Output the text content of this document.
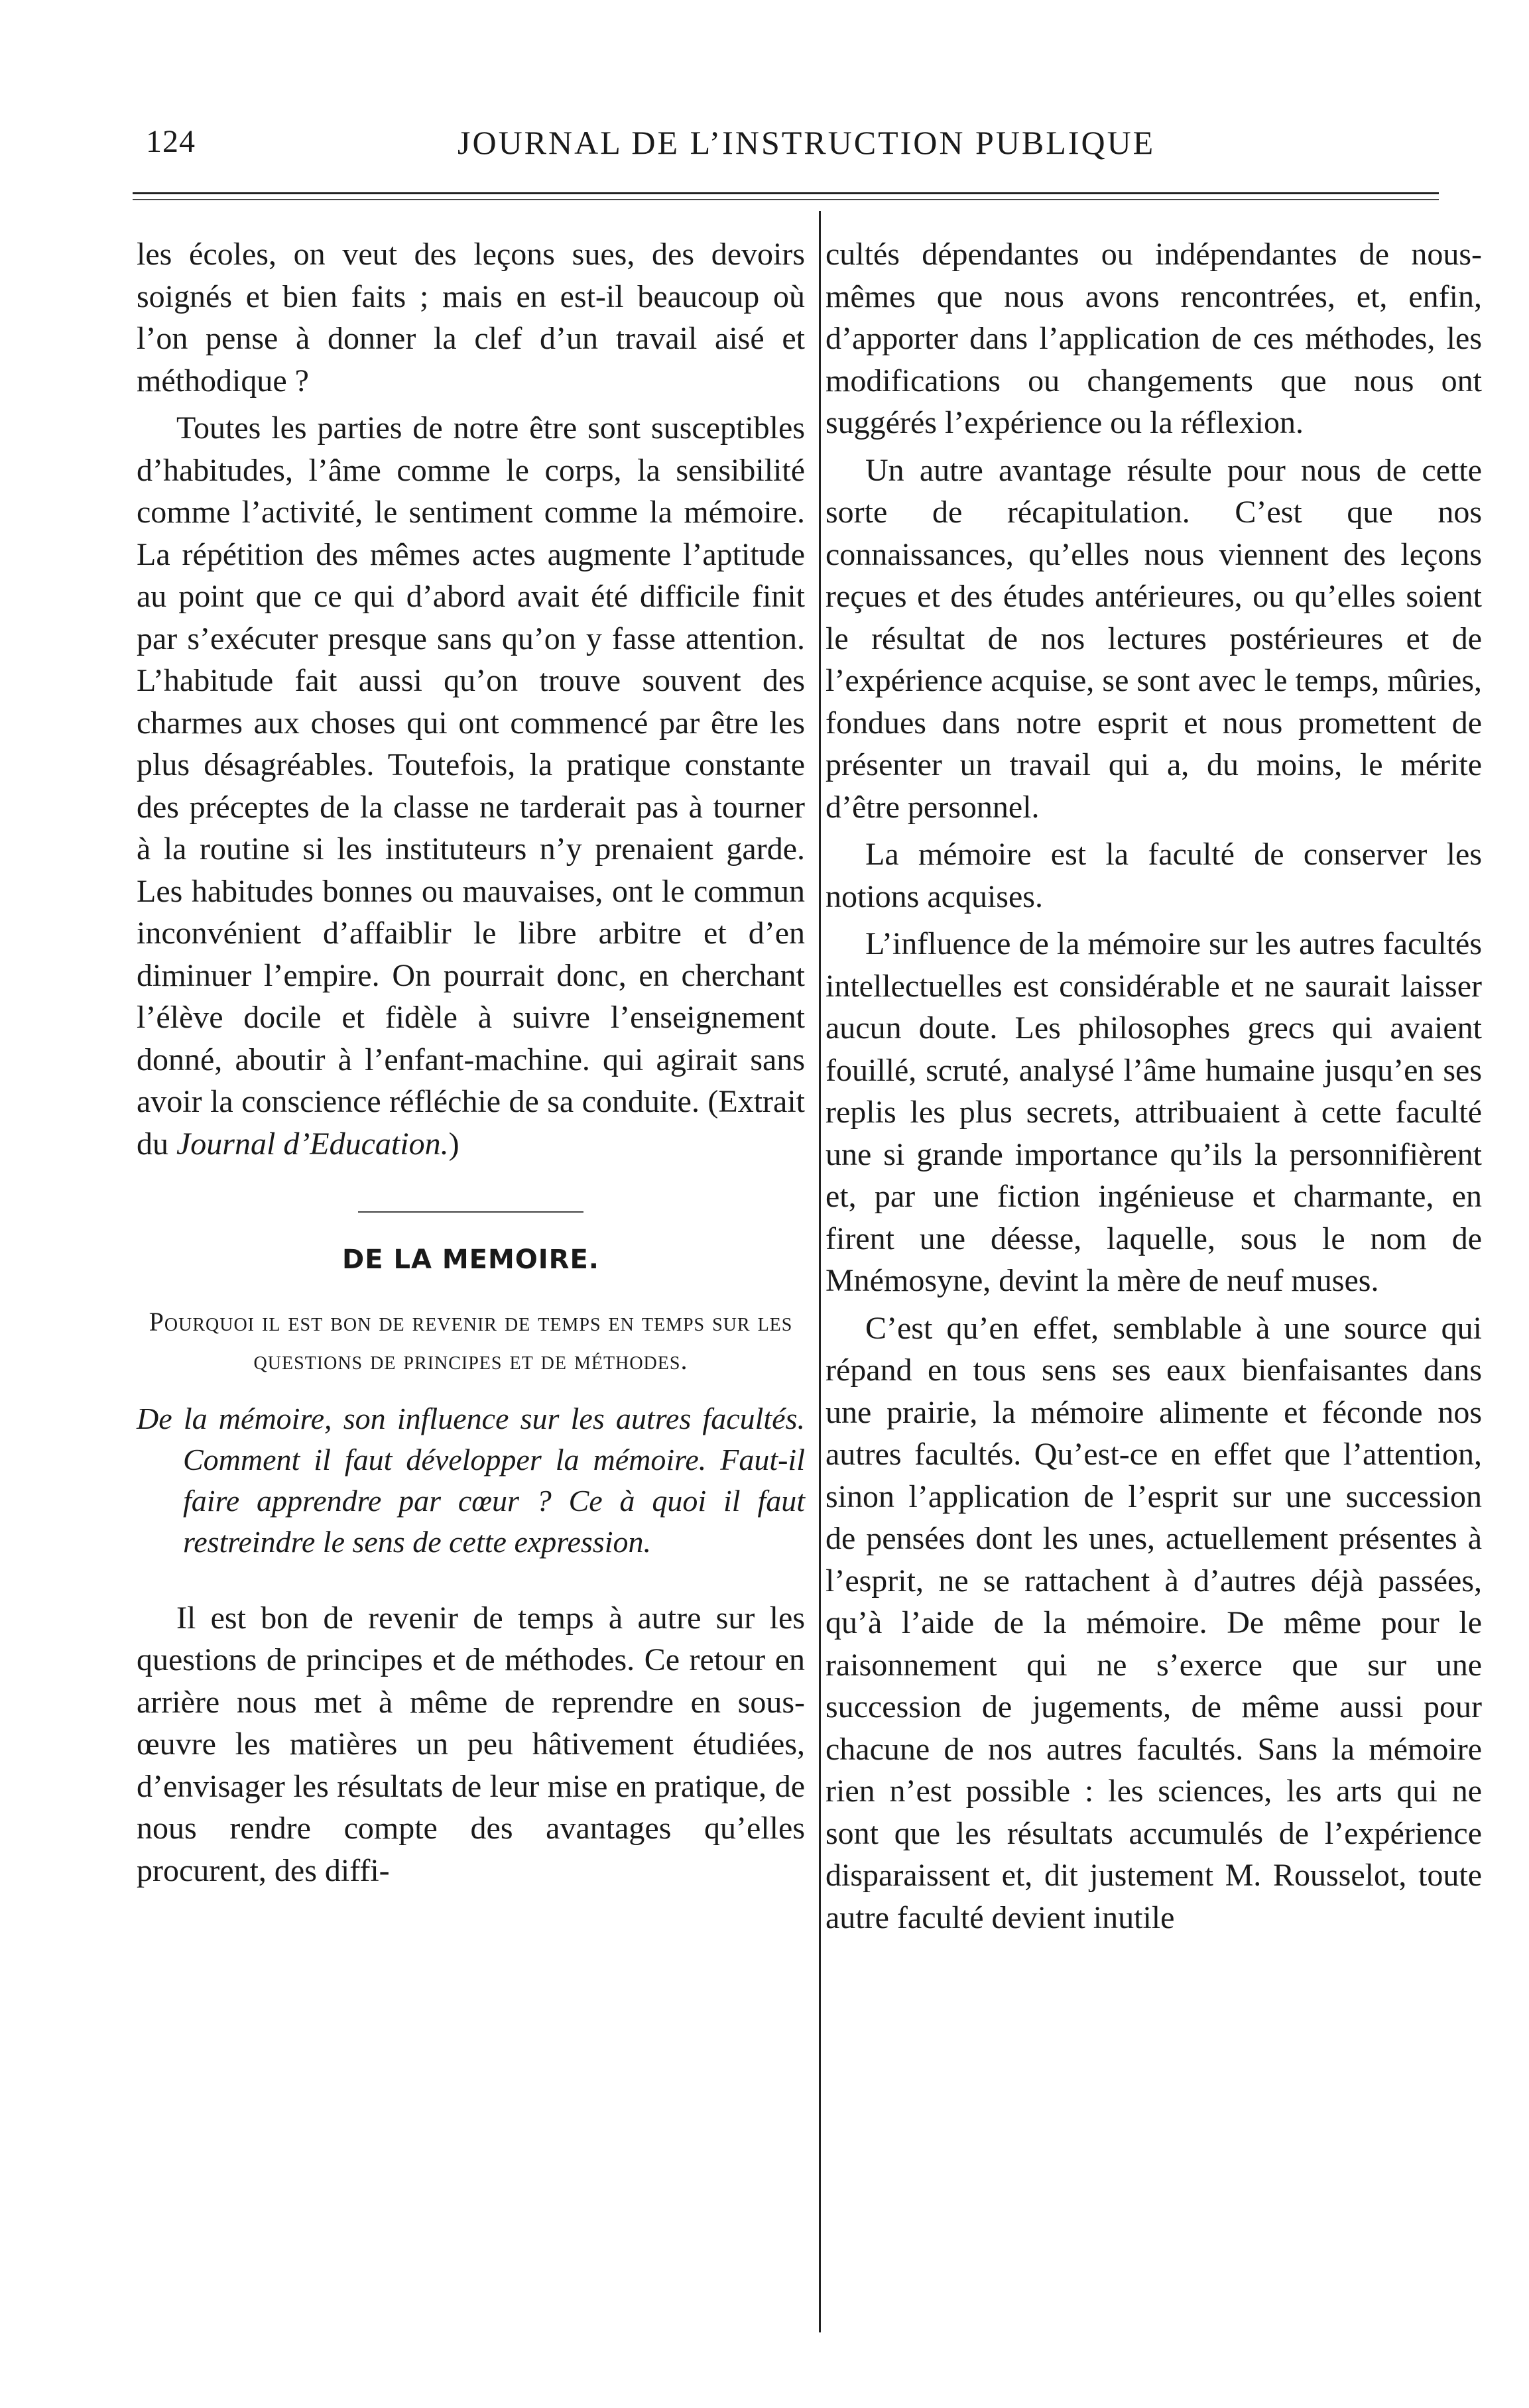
124	JOURNAL DE L’INSTRUCTION PUBLIQUE

les écoles, on veut des leçons sues, des devoirs soignés et bien faits ; mais en est-il beaucoup où l’on pense à donner la clef d’un travail aisé et méthodique ?

Toutes les parties de notre être sont susceptibles d’habitudes, l’âme comme le corps, la sensibilité comme l’activité, le sentiment comme la mémoire. La répétition des mêmes actes augmente l’aptitude au point que ce qui d’abord avait été difficile finit par s’exécuter presque sans qu’on y fasse attention. L’habitude fait aussi qu’on trouve souvent des charmes aux choses qui ont commencé par être les plus désagréables. Toutefois, la pratique constante des préceptes de la classe ne tarderait pas à tourner à la routine si les instituteurs n’y prenaient garde. Les habitudes bonnes ou mauvaises, ont le commun inconvénient d’affaiblir le libre arbitre et d’en diminuer l’empire. On pourrait donc, en cherchant l’élève docile et fidèle à suivre l’enseignement donné, aboutir à l’enfant-machine. qui agirait sans avoir la conscience réfléchie de sa conduite. (Extrait du Journal d’Education.)

DE LA MEMOIRE.
Pourquoi il est bon de revenir de temps en temps sur les questions de principes et de méthodes.
De la mémoire, son influence sur les autres facultés. Comment il faut développer la mémoire. Faut-il faire apprendre par cœur ? Ce à quoi il faut restreindre le sens de cette expression.

Il est bon de revenir de temps à autre sur les questions de principes et de méthodes. Ce retour en arrière nous met à même de reprendre en sous-œuvre les matières un peu hâtivement étudiées, d’envisager les résultats de leur mise en pratique, de nous rendre compte des avantages qu’elles procurent, des diffi-

cultés dépendantes ou indépendantes de nous-mêmes que nous avons rencontrées, et, enfin, d’apporter dans l’application de ces méthodes, les modifications ou changements que nous ont suggérés l’expérience ou la réflexion.

Un autre avantage résulte pour nous de cette sorte de récapitulation. C’est que nos connaissances, qu’elles nous viennent des leçons reçues et des études antérieures, ou qu’elles soient le résultat de nos lectures postérieures et de l’expérience acquise, se sont avec le temps, mûries, fondues dans notre esprit et nous promettent de présenter un travail qui a, du moins, le mérite d’être personnel.

La mémoire est la faculté de conserver les notions acquises.

L’influence de la mémoire sur les autres facultés intellectuelles est considérable et ne saurait laisser aucun doute. Les philosophes grecs qui avaient fouillé, scruté, analysé l’âme humaine jusqu’en ses replis les plus secrets, attribuaient à cette faculté une si grande importance qu’ils la personnifièrent et, par une fiction ingénieuse et charmante, en firent une déesse, laquelle, sous le nom de Mnémosyne, devint la mère de neuf muses.

C’est qu’en effet, semblable à une source qui répand en tous sens ses eaux bienfaisantes dans une prairie, la mémoire alimente et féconde nos autres facultés. Qu’est-ce en effet que l’attention, sinon l’application de l’esprit sur une succession de pensées dont les unes, actuellement présentes à l’esprit, ne se rattachent à d’autres déjà passées, qu’à l’aide de la mémoire. De même pour le raisonnement qui ne s’exerce que sur une succession de jugements, de même aussi pour chacune de nos autres facultés. Sans la mémoire rien n’est possible : les sciences, les arts qui ne sont que les résultats accumulés de l’expérience disparaissent et, dit justement M. Rousselot, toute autre faculté devient inutile
